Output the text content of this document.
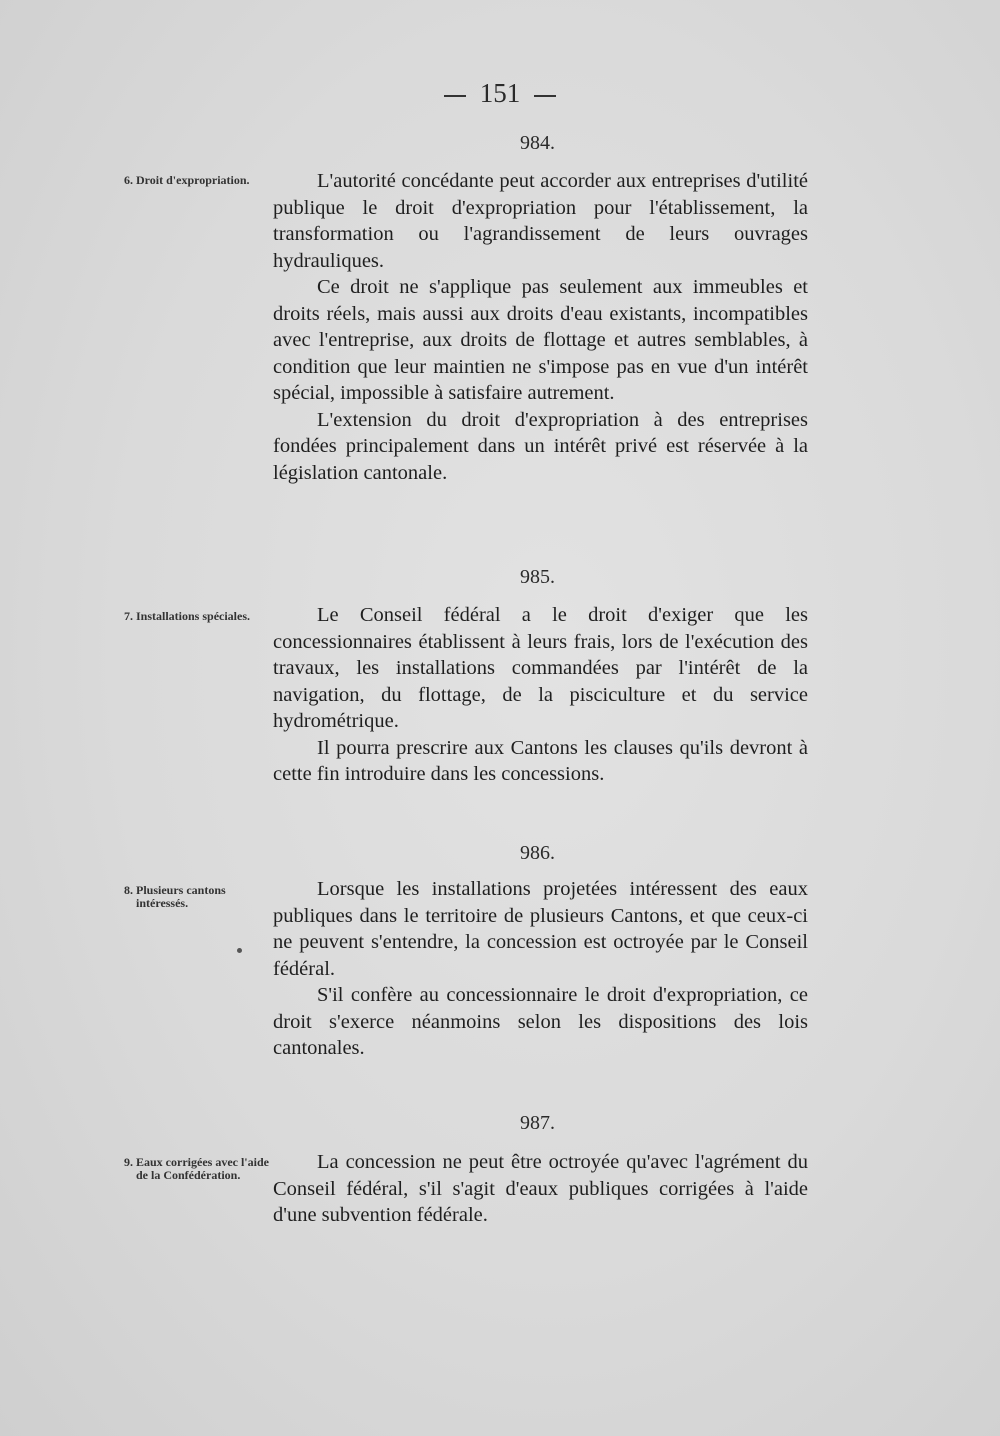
151
984.
6. Droit d'expropriation.	L'autorité concédante peut accorder aux entreprises d'utilité publique le droit d'expropriation pour l'établissement, la transformation ou l'agrandissement de leurs ouvrages hydrauliques.

Ce droit ne s'applique pas seulement aux immeubles et droits réels, mais aussi aux droits d'eau existants, incompatibles avec l'entreprise, aux droits de flottage et autres semblables, à condition que leur maintien ne s'impose pas en vue d'un intérêt spécial, impossible à satisfaire autrement.

L'extension du droit d'expropriation à des entreprises fondées principalement dans un intérêt privé est réservée à la législation cantonale.

985.
7. Installations spéciales.	Le Conseil fédéral a le droit d'exiger que les concessionnaires établissent à leurs frais, lors de l'exécution des travaux, les installations commandées par l'intérêt de la navigation, du flottage, de la pisciculture et du service hydrométrique.

Il pourra prescrire aux Cantons les clauses qu'ils devront à cette fin introduire dans les concessions.

986.
8. Plusieurs cantons intéressés.

Lorsque les installations projetées intéressent des eaux publiques dans le territoire de plusieurs Cantons, et que ceux-ci ne peuvent s'entendre, la concession est octroyée par le Conseil fédéral.

S'il confère au concessionnaire le droit d'expropriation, ce droit s'exerce néanmoins selon les dispositions des lois cantonales.

987.
9. Eaux corrigées avec l'aide de la Confédération.

La concession ne peut être octroyée qu'avec l'agrément du Conseil fédéral, s'il s'agit d'eaux publiques corrigées à l'aide d'une subvention fédérale.
